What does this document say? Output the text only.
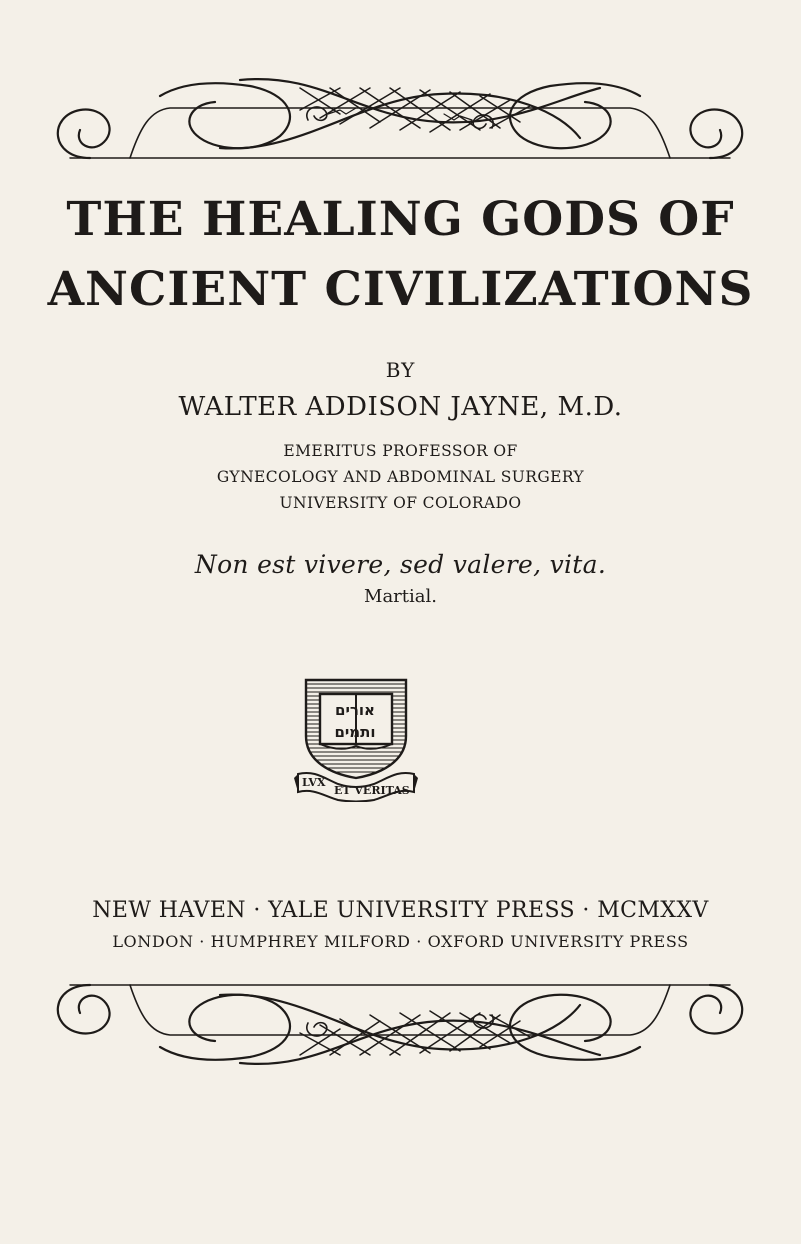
THE HEALING GODS OF
ANCIENT CIVILIZATIONS
BY
WALTER ADDISON JAYNE, M.D.
EMERITUS PROFESSOR OF
GYNECOLOGY AND ABDOMINAL SURGERY
UNIVERSITY OF COLORADO
Non est vivere, sed valere, vita.
Martial.
אורים
ותמים
LVX
ET VERITAS
NEW HAVEN · YALE UNIVERSITY PRESS · MCMXXV
LONDON · HUMPHREY MILFORD · OXFORD UNIVERSITY PRESS
